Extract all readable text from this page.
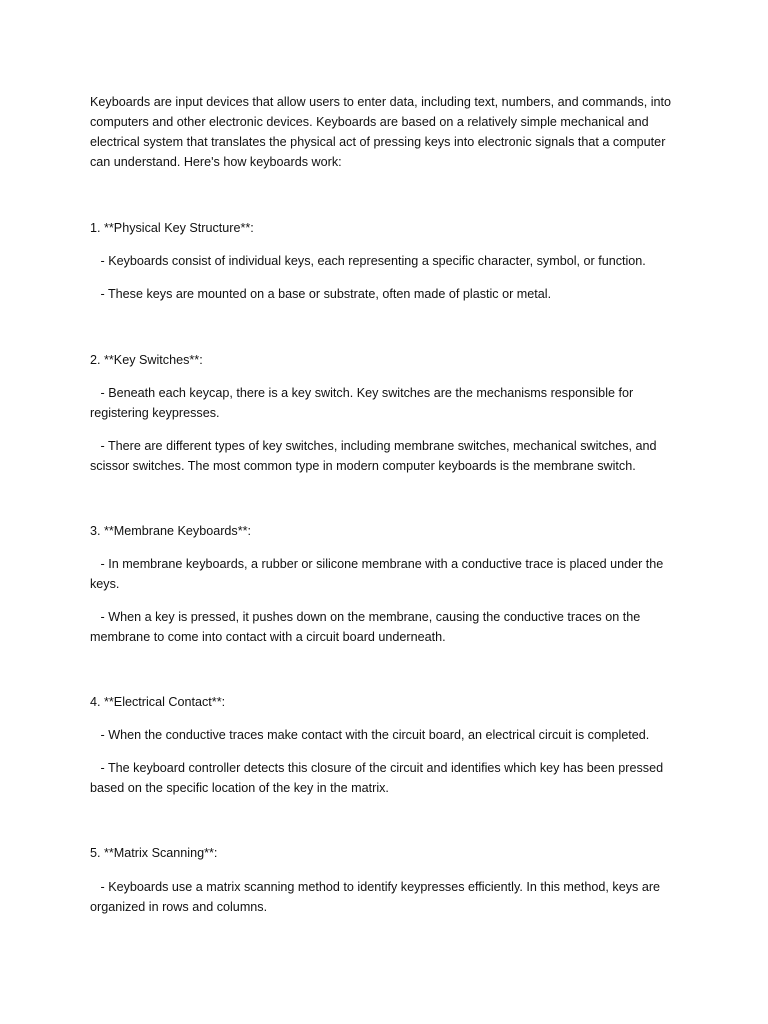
Keyboards are input devices that allow users to enter data, including text, numbers, and commands, into computers and other electronic devices. Keyboards are based on a relatively simple mechanical and electrical system that translates the physical act of pressing keys into electronic signals that a computer can understand. Here's how keyboards work:

1. **Physical Key Structure**:

- Keyboards consist of individual keys, each representing a specific character, symbol, or function.

- These keys are mounted on a base or substrate, often made of plastic or metal.

2. **Key Switches**:

- Beneath each keycap, there is a key switch. Key switches are the mechanisms responsible for registering keypresses.

- There are different types of key switches, including membrane switches, mechanical switches, and scissor switches. The most common type in modern computer keyboards is the membrane switch.

3. **Membrane Keyboards**:

- In membrane keyboards, a rubber or silicone membrane with a conductive trace is placed under the keys.

- When a key is pressed, it pushes down on the membrane, causing the conductive traces on the membrane to come into contact with a circuit board underneath.

4. **Electrical Contact**:

- When the conductive traces make contact with the circuit board, an electrical circuit is completed.

- The keyboard controller detects this closure of the circuit and identifies which key has been pressed based on the specific location of the key in the matrix.

5. **Matrix Scanning**:

- Keyboards use a matrix scanning method to identify keypresses efficiently. In this method, keys are organized in rows and columns.
